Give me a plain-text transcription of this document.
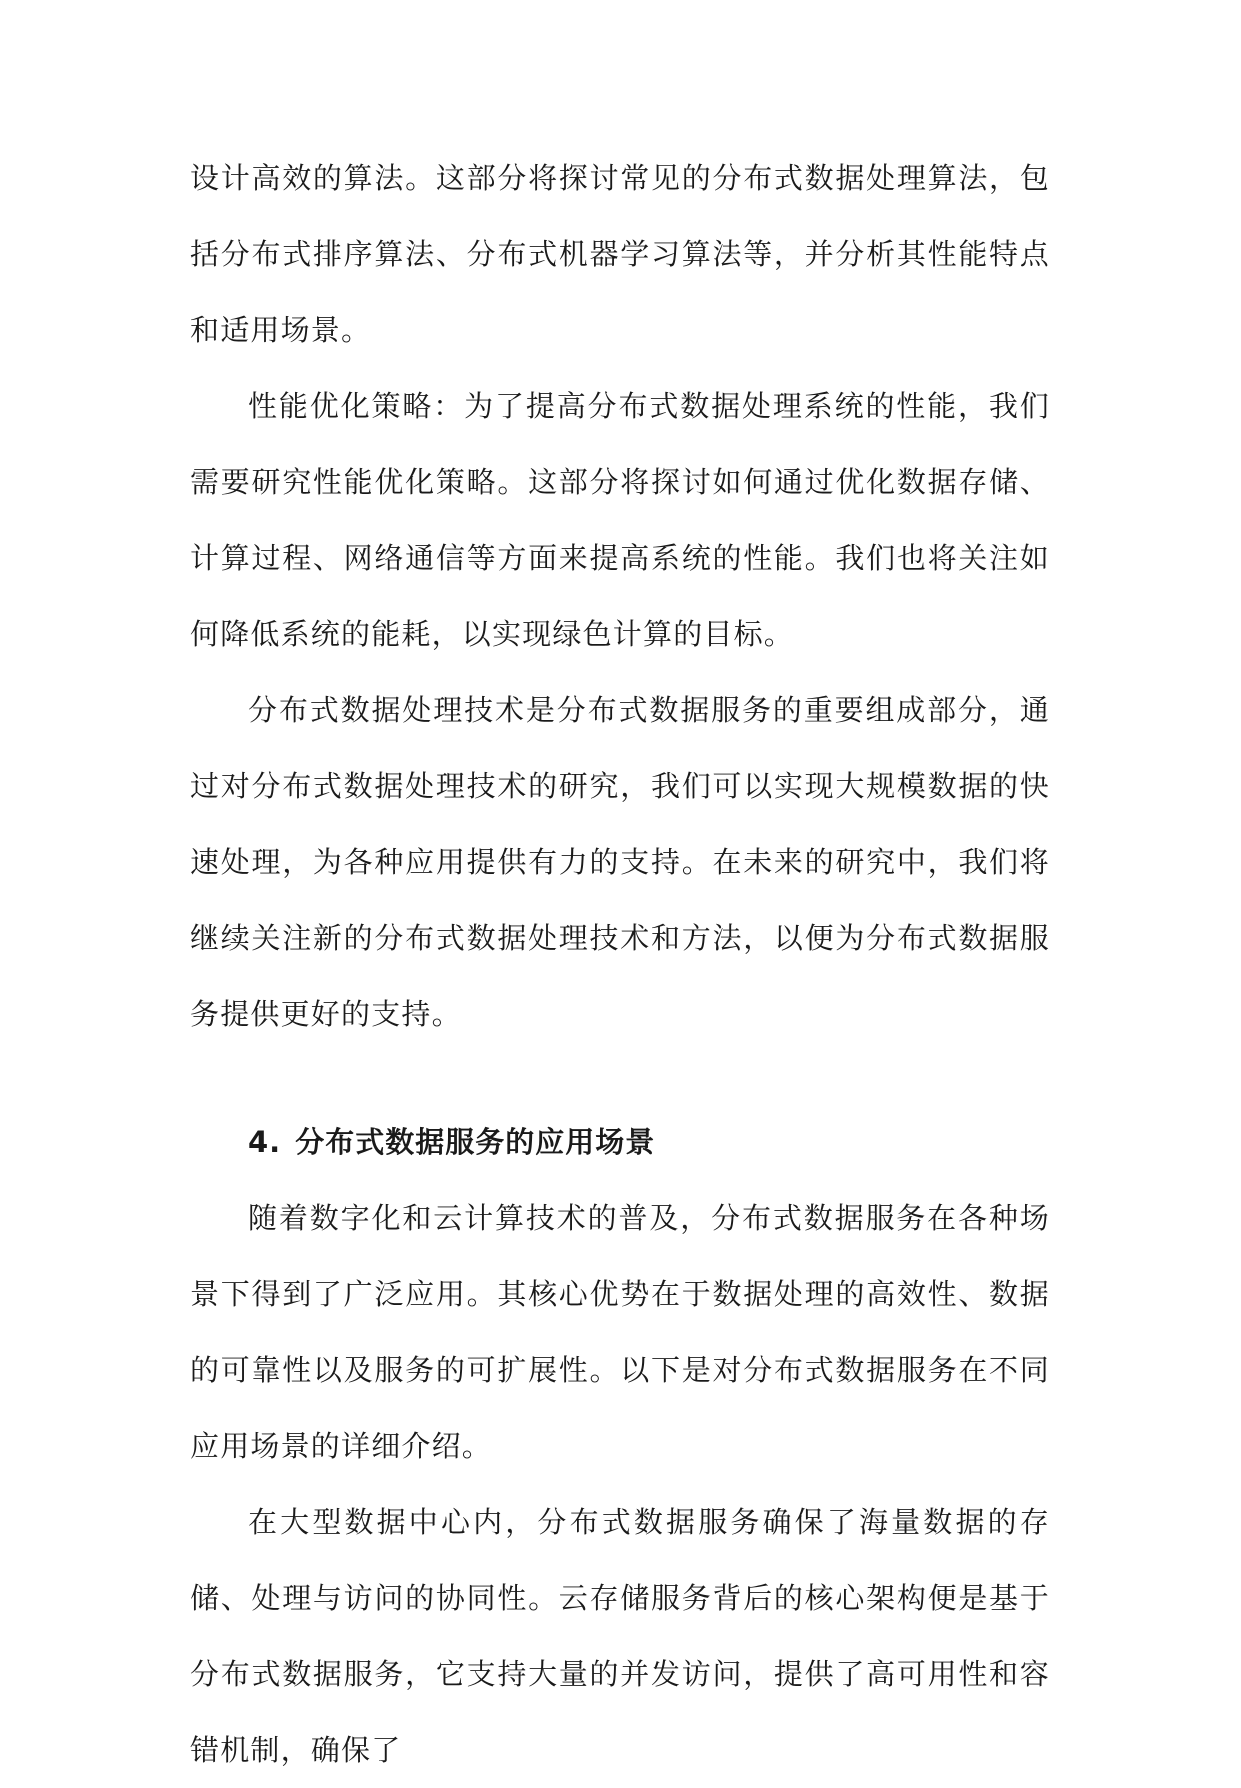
设计高效的算法。这部分将探讨常见的分布式数据处理算法，包括分布式排序算法、分布式机器学习算法等，并分析其性能特点和适用场景。

性能优化策略：为了提高分布式数据处理系统的性能，我们需要研究性能优化策略。这部分将探讨如何通过优化数据存储、计算过程、网络通信等方面来提高系统的性能。我们也将关注如何降低系统的能耗，以实现绿色计算的目标。

分布式数据处理技术是分布式数据服务的重要组成部分，通过对分布式数据处理技术的研究，我们可以实现大规模数据的快速处理，为各种应用提供有力的支持。在未来的研究中，我们将继续关注新的分布式数据处理技术和方法，以便为分布式数据服务提供更好的支持。

4. 分布式数据服务的应用场景

随着数字化和云计算技术的普及，分布式数据服务在各种场景下得到了广泛应用。其核心优势在于数据处理的高效性、数据的可靠性以及服务的可扩展性。以下是对分布式数据服务在不同应用场景的详细介绍。

在大型数据中心内，分布式数据服务确保了海量数据的存储、处理与访问的协同性。云存储服务背后的核心架构便是基于分布式数据服务，它支持大量的并发访问，提供了高可用性和容错机制，确保了
